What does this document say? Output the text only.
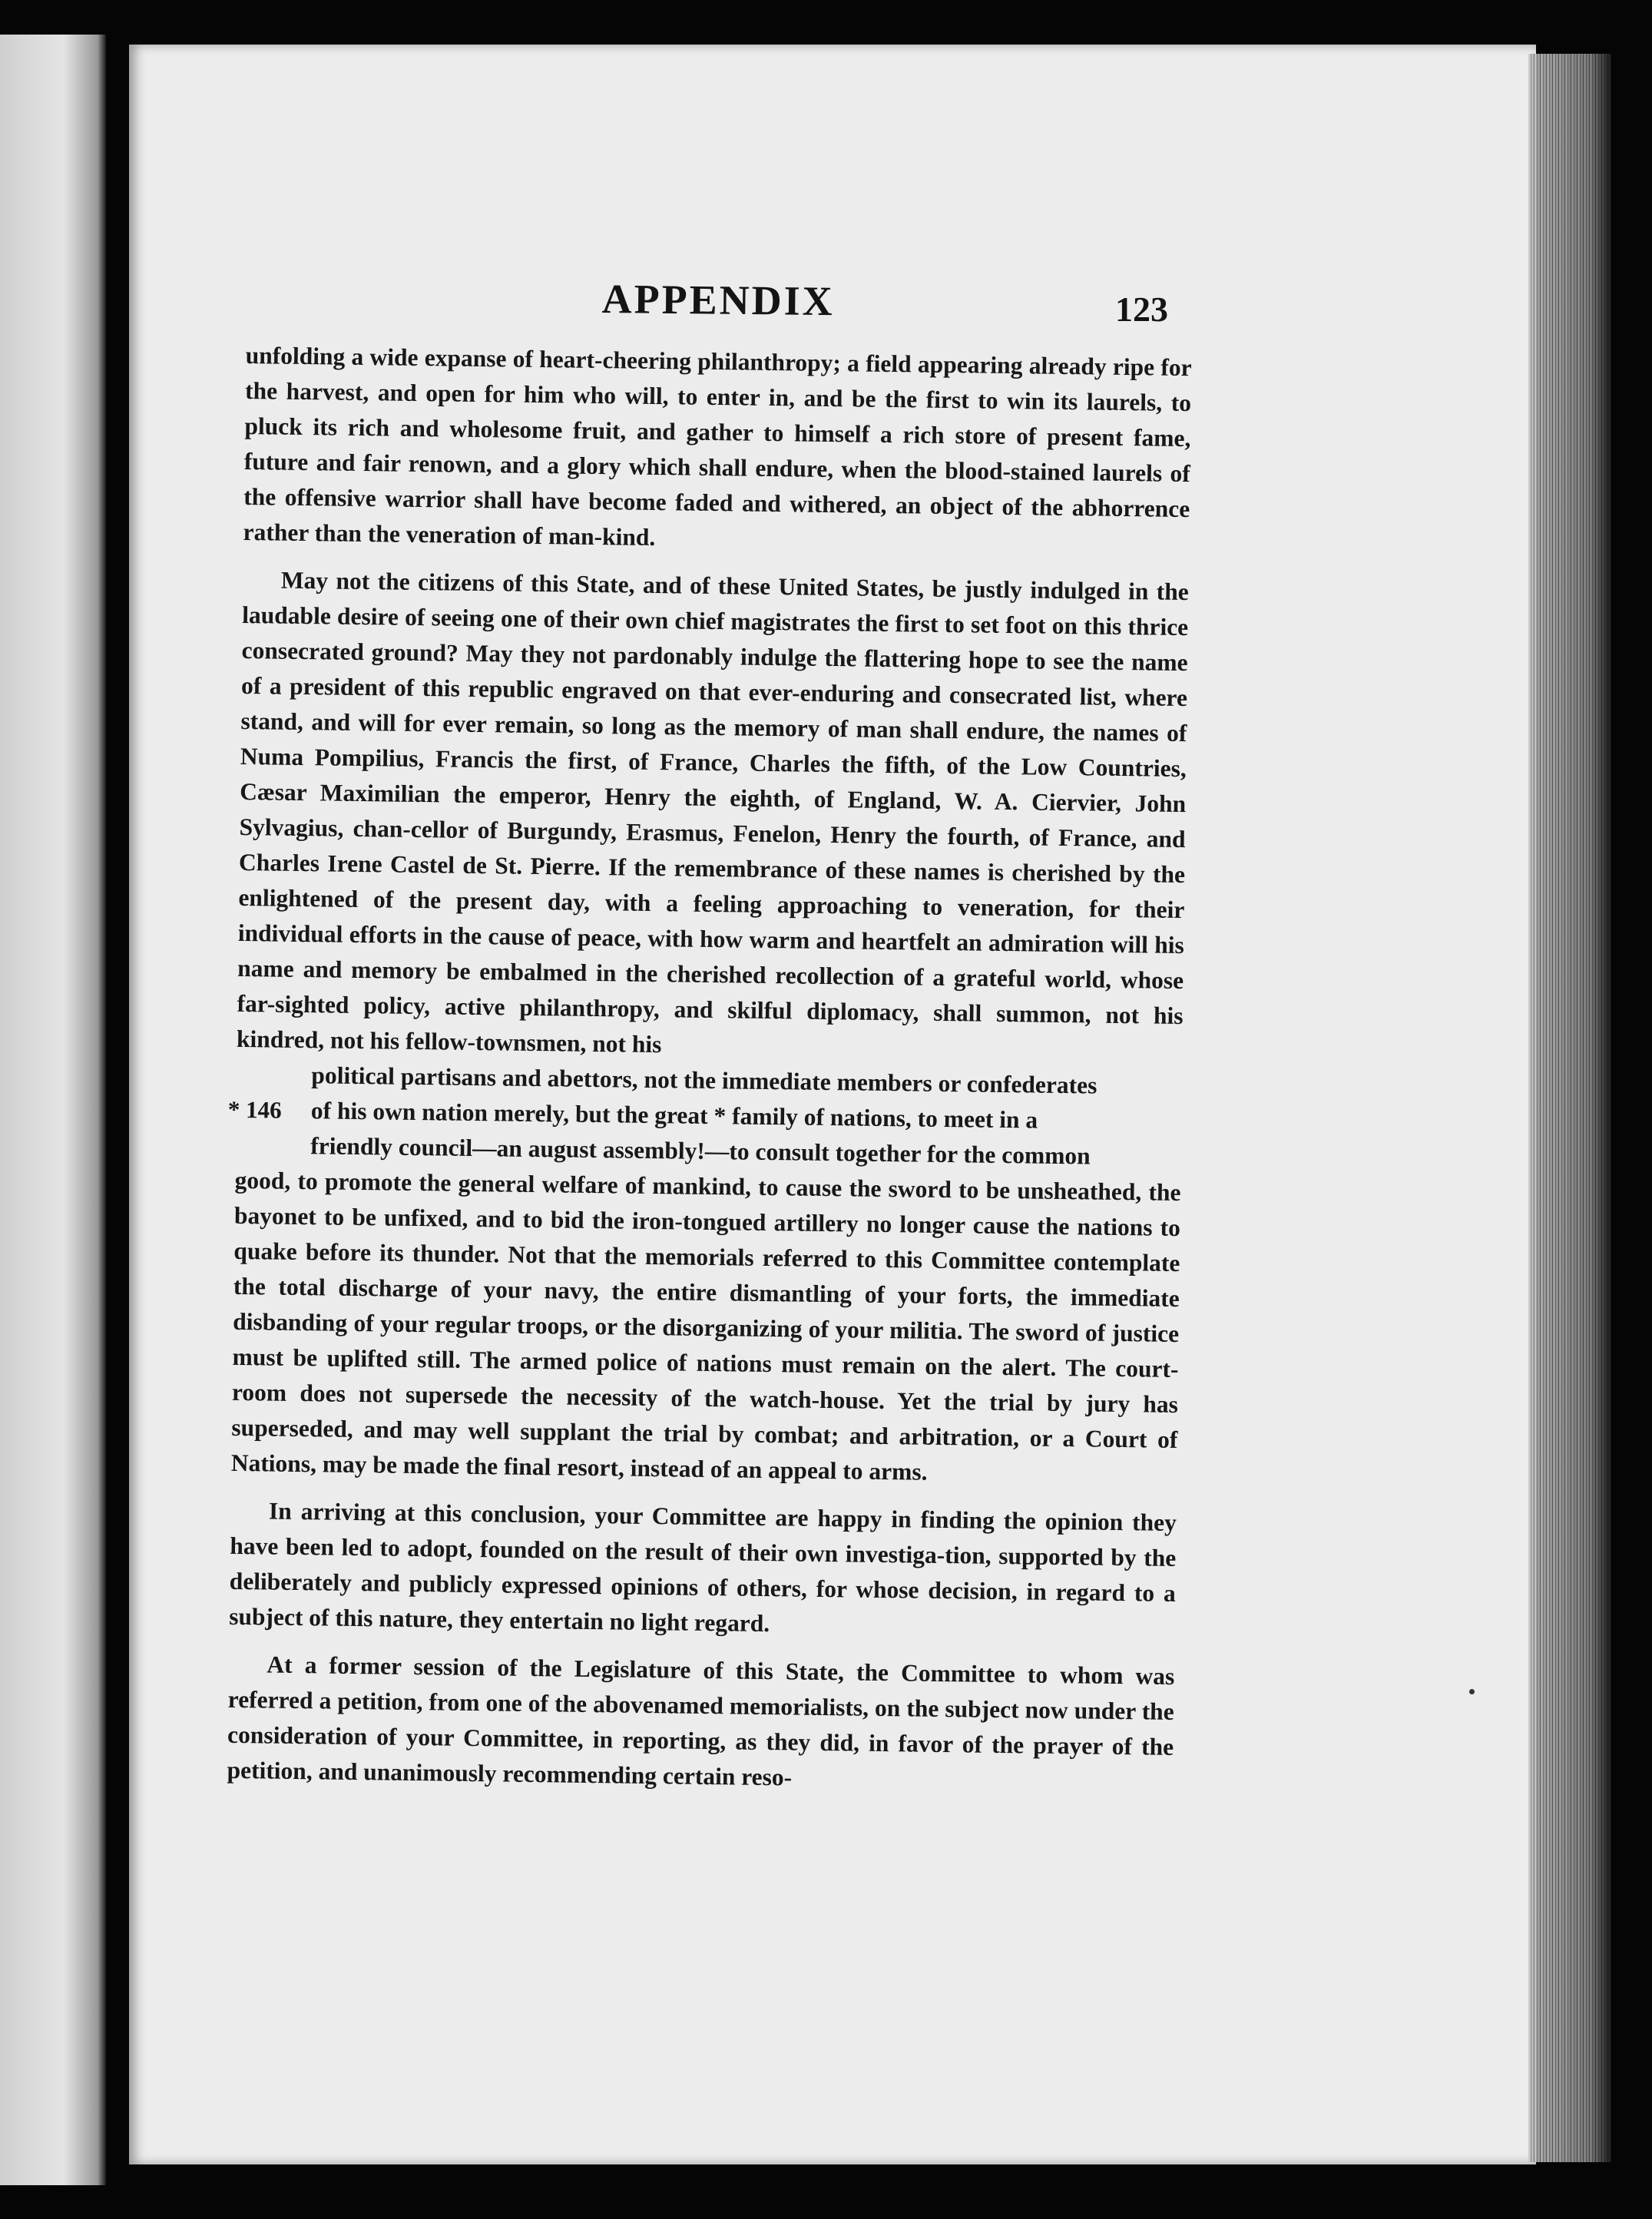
APPENDIX	123

unfolding a wide expanse of heart-cheering philanthropy; a field appearing already ripe for the harvest, and open for him who will, to enter in, and be the first to win its laurels, to pluck its rich and wholesome fruit, and gather to himself a rich store of present fame, future and fair renown, and a glory which shall endure, when the blood-stained laurels of the offensive warrior shall have become faded and withered, an object of the abhorrence rather than the veneration of man-kind.

May not the citizens of this State, and of these United States, be justly indulged in the laudable desire of seeing one of their own chief magistrates the first to set foot on this thrice consecrated ground? May they not pardonably indulge the flattering hope to see the name of a president of this republic engraved on that ever-enduring and consecrated list, where stand, and will for ever remain, so long as the memory of man shall endure, the names of Numa Pompilius, Francis the first, of France, Charles the fifth, of the Low Countries, Cæsar Maximilian the emperor, Henry the eighth, of England, W. A. Ciervier, John Sylvagius, chan-cellor of Burgundy, Erasmus, Fenelon, Henry the fourth, of France, and Charles Irene Castel de St. Pierre. If the remembrance of these names is cherished by the enlightened of the present day, with a feeling approaching to veneration, for their individual efforts in the cause of peace, with how warm and heartfelt an admiration will his name and memory be embalmed in the cherished recollection of a grateful world, whose far-sighted policy, active philanthropy, and skilful diplomacy, shall summon, not his kindred, not his fellow-townsmen, not his
political partisans and abettors, not the immediate members or confederates
* 146	of his own nation merely, but the great * family of nations, to meet in a
friendly council—an august assembly!—to consult together for the common

good, to promote the general welfare of mankind, to cause the sword to be unsheathed, the bayonet to be unfixed, and to bid the iron-tongued artillery no longer cause the nations to quake before its thunder. Not that the memorials referred to this Committee contemplate the total discharge of your navy, the entire dismantling of your forts, the immediate disbanding of your regular troops, or the disorganizing of your militia. The sword of justice must be uplifted still. The armed police of nations must remain on the alert. The court-room does not supersede the necessity of the watch-house. Yet the trial by jury has superseded, and may well supplant the trial by combat; and arbitration, or a Court of Nations, may be made the final resort, instead of an appeal to arms.

In arriving at this conclusion, your Committee are happy in finding the opinion they have been led to adopt, founded on the result of their own investiga-tion, supported by the deliberately and publicly expressed opinions of others, for whose decision, in regard to a subject of this nature, they entertain no light regard.

At a former session of the Legislature of this State, the Committee to whom was referred a petition, from one of the abovenamed memorialists, on the subject now under the consideration of your Committee, in reporting, as they did, in favor of the prayer of the petition, and unanimously recommending certain reso-
